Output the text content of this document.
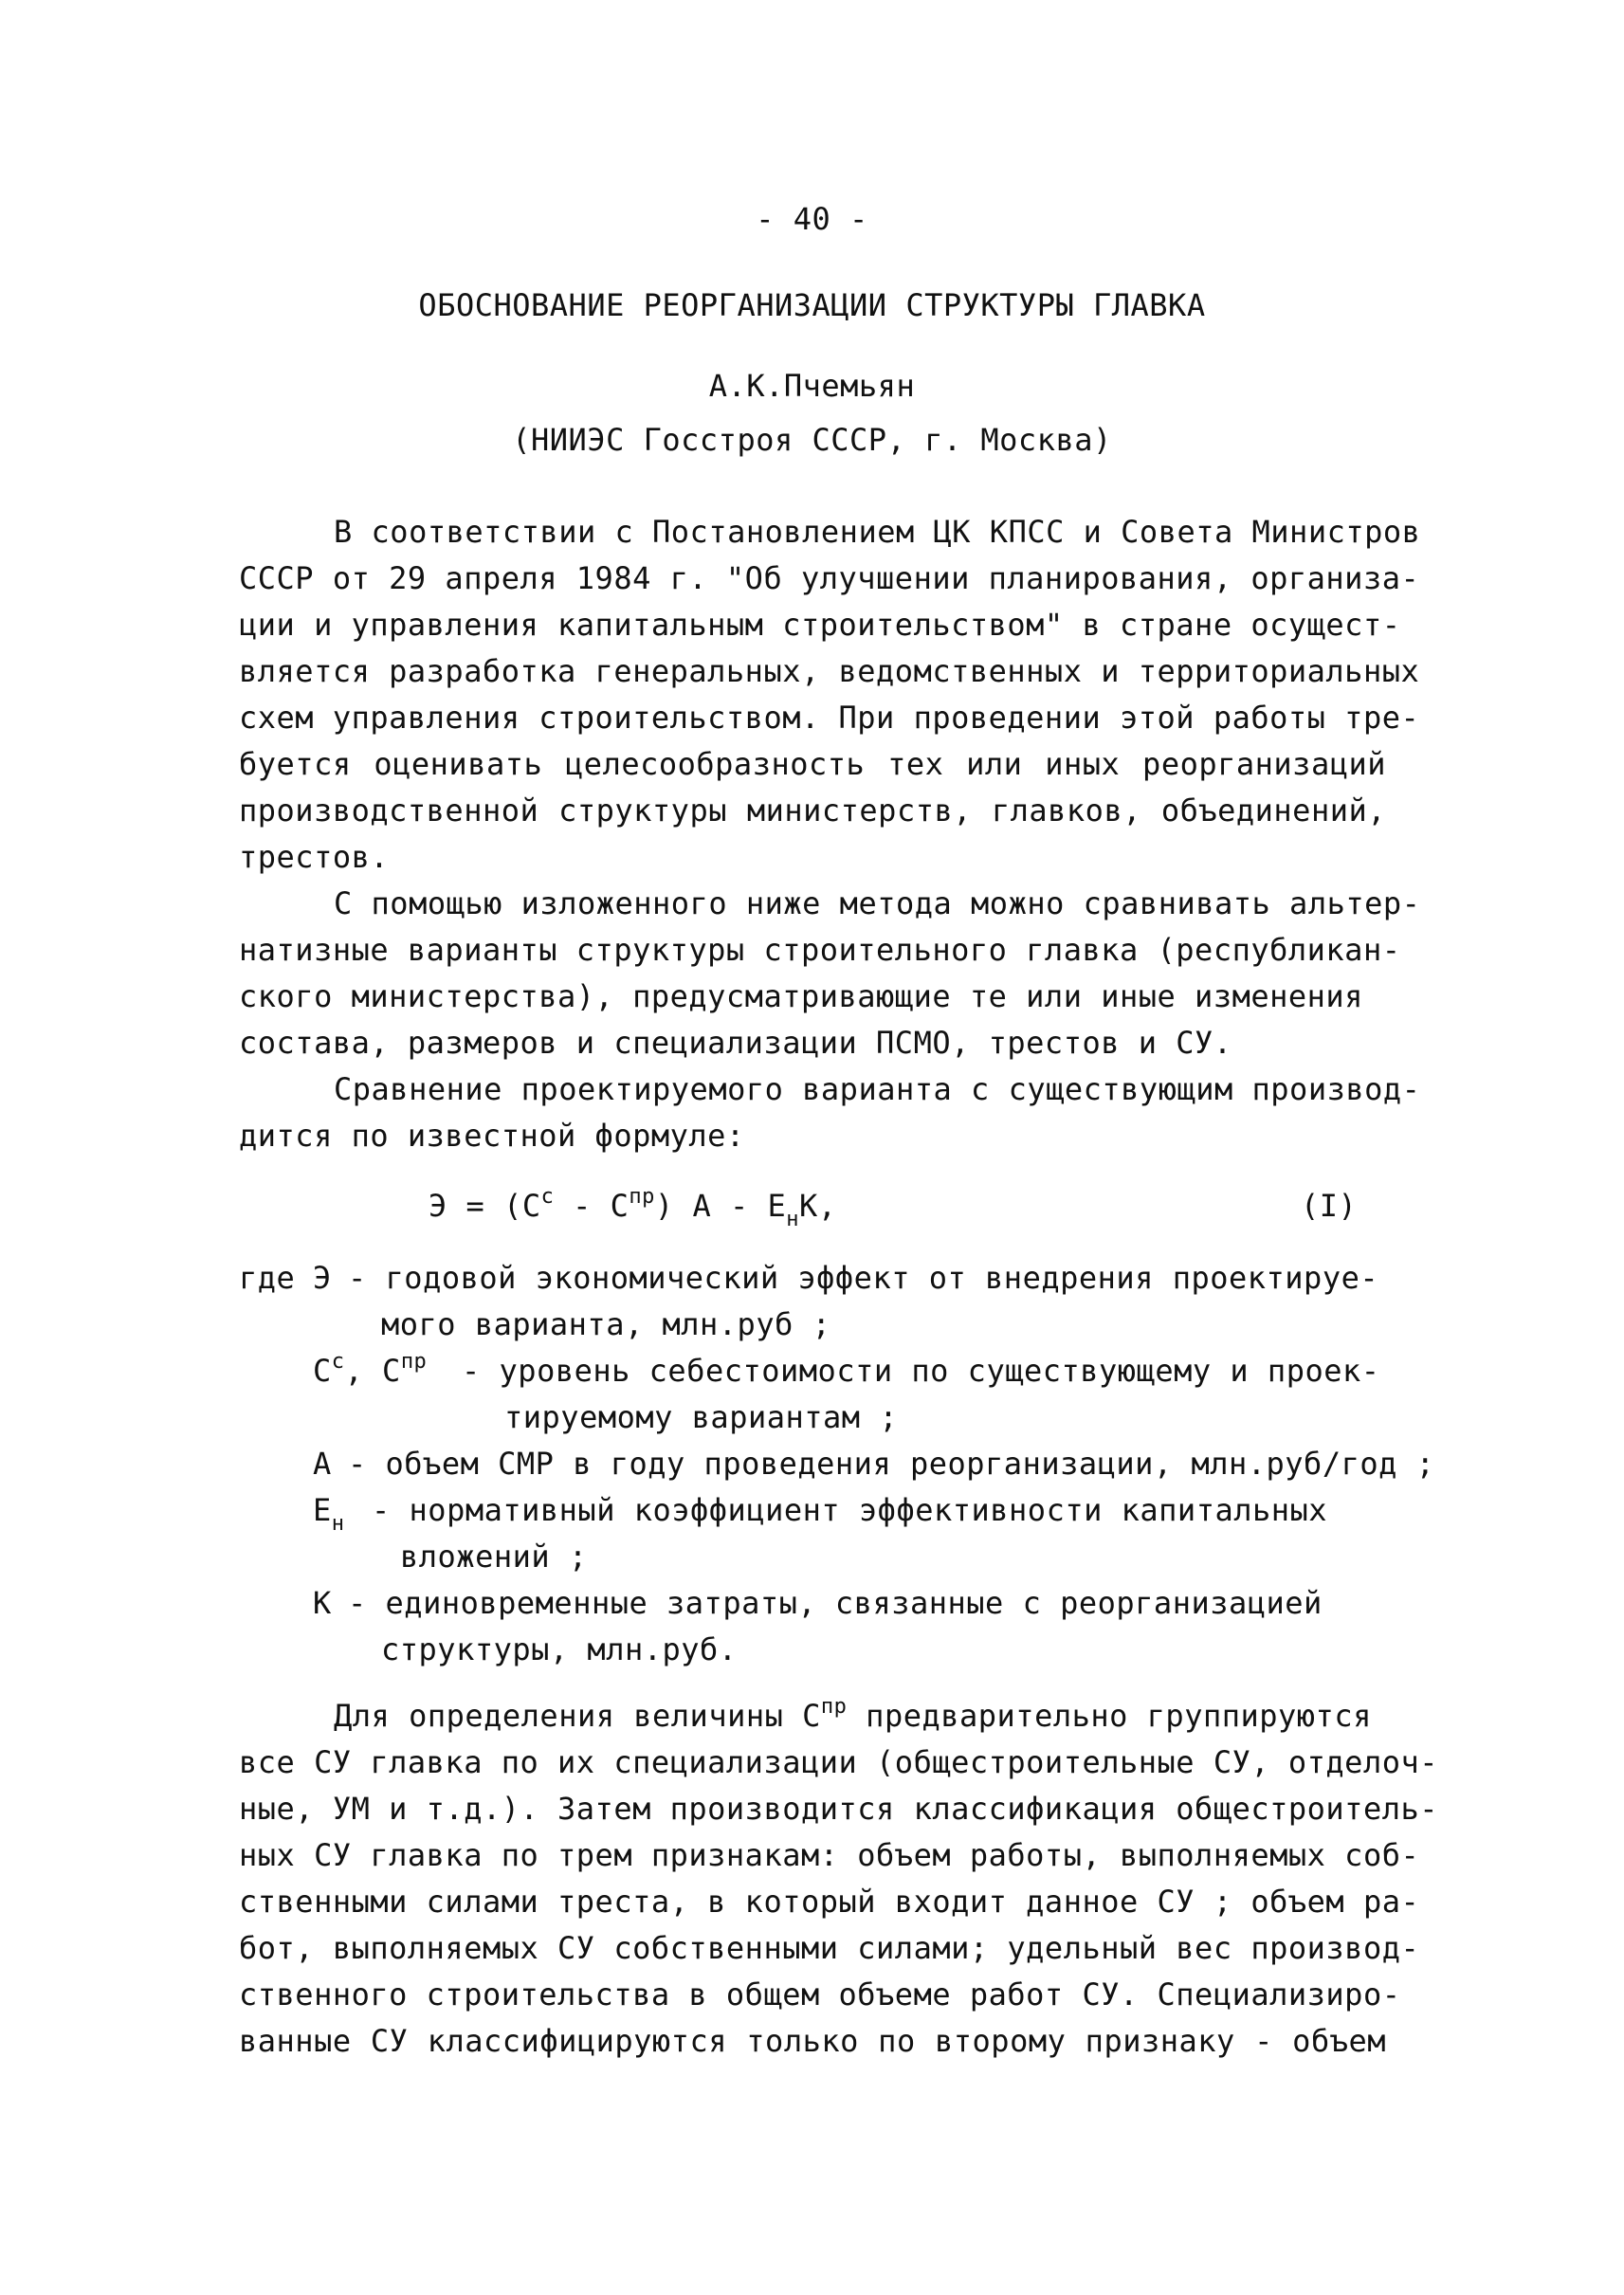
- 40 -
ОБОСНОВАНИЕ РЕОРГАНИЗАЦИИ СТРУКТУРЫ ГЛАВКА
А.К.Пчемьян
(НИИЭС Госстроя СССР, г. Москва)
В соответствии с Постановлением ЦК КПСС и Совета Министров
СССР от 29 апреля 1984 г. "Об улучшении планирования, организа-
ции и управления капитальным строительством" в стране осущест-
вляется разработка генеральных, ведомственных и территориальных
схем управления строительством. При проведении этой работы тре-
буется оценивать целесообразность тех или иных реорганизаций
производственной структуры министерств, главков, объединений,
трестов.
С помощью изложенного ниже метода можно сравнивать альтер-
натизные варианты структуры строительного главка (республикан-
ского министерства), предусматривающие те или иные изменения
состава, размеров и специализации ПСМО, трестов и СУ.
Сравнение проектируемого варианта с существующим производ-
дится по известной формуле:
$Э = (С^с - С^{пр})$ А - $Е_нК$,	(I)
где Э - годовой экономический эффект от внедрения проектируе-
мого варианта, млн.руб ;
$С^с$, $С^{пр}$ - уровень себестоимости по существующему и проек-
тируемому вариантам ;
А - объем СМР в году проведения реорганизации, млн.руб/год ;
$Е_н$ - нормативный коэффициент эффективности капитальных
вложений ;
К - единовременные затраты, связанные с реорганизацией
структуры, млн.руб.
Для определения величины $С^{пр}$ предварительно группируются
все СУ главка по их специализации (общестроительные СУ, отделоч-
ные, УМ и т.д.). Затем производится классификация общестроитель-
ных СУ главка по трем признакам: объем работы, выполняемых соб-
ственными силами треста, в который входит данное СУ ; объем ра-
бот, выполняемых СУ собственными силами; удельный вес производ-
ственного строительства в общем объеме работ СУ. Специализиро-
ванные СУ классифицируются только по второму признаку - объем
